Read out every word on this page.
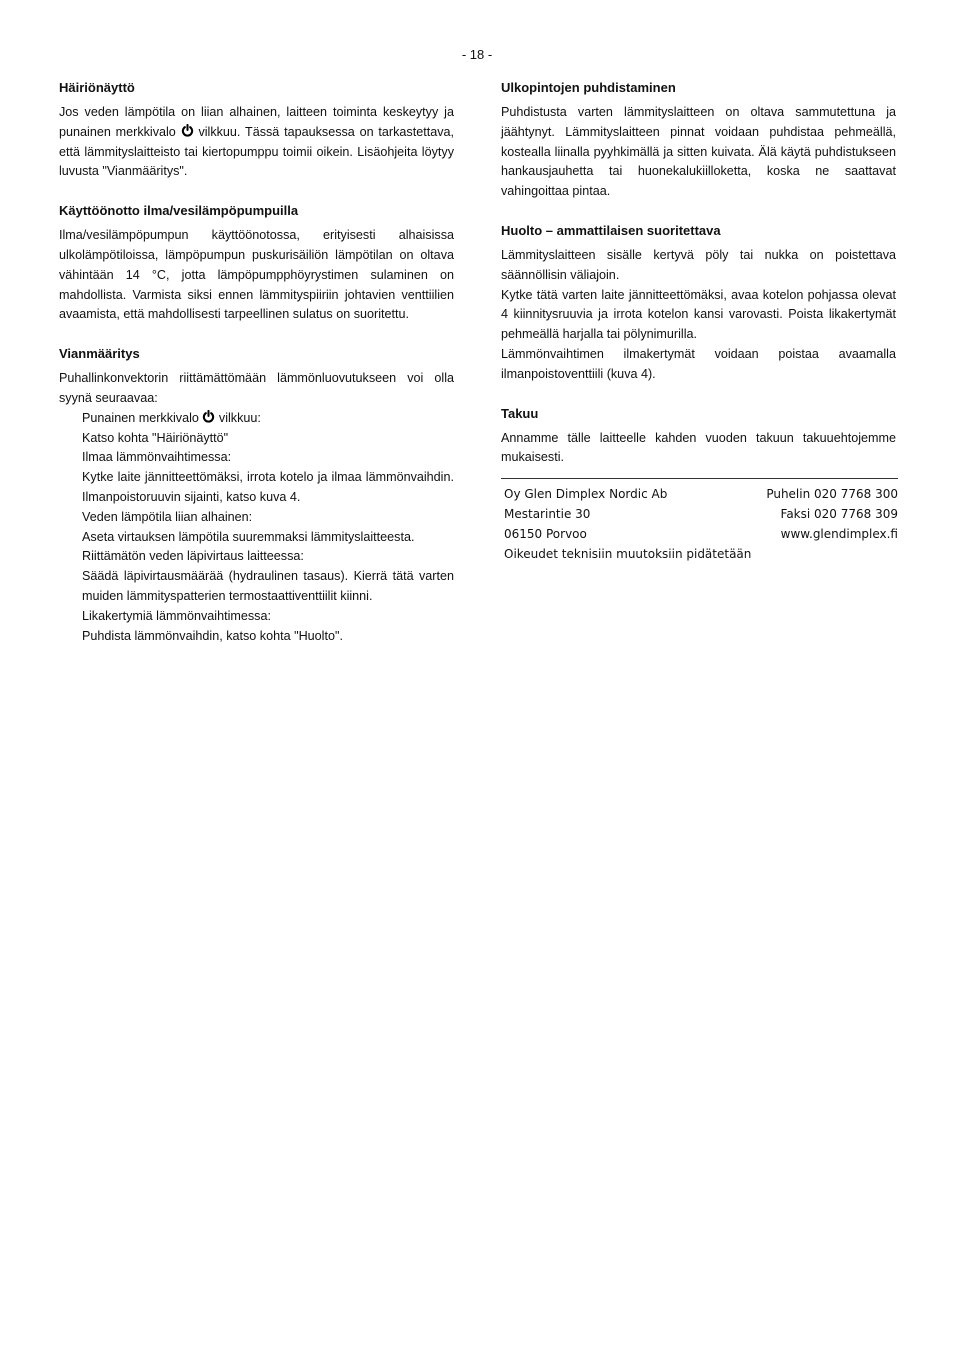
- 18 -
Häiriönäyttö

Jos veden lämpötila on liian alhainen, laitteen toiminta keskeytyy ja punainen merkkivalo vilkkuu. Tässä tapauksessa on tarkastettava, että lämmityslaitteisto tai kiertopumppu toimii oikein. Lisäohjeita löytyy luvusta "Vianmääritys".

Käyttöönotto ilma/vesilämpöpumpuilla

Ilma/vesilämpöpumpun käyttöönotossa, erityisesti alhaisissa ulkolämpötiloissa, lämpöpumpun puskurisäiliön lämpötilan on oltava vähintään 14 °C, jotta lämpöpumpphöyrystimen sulaminen on mahdollista. Varmista siksi ennen lämmityspiiriin johtavien venttiilien avaamista, että mahdollisesti tarpeellinen sulatus on suoritettu.

Vianmääritys

Puhallinkonvektorin riittämättömään lämmönluovutukseen voi olla syynä seuraavaa:

Punainen merkkivalo vilkkuu:

Katso kohta "Häiriönäyttö"

Ilmaa lämmönvaihtimessa:

Kytke laite jännitteettömäksi, irrota kotelo ja ilmaa lämmönvaihdin. Ilmanpoistoruuvin sijainti, katso kuva 4.

Veden lämpötila liian alhainen:

Aseta virtauksen lämpötila suuremmaksi lämmityslaitteesta.

Riittämätön veden läpivirtaus laitteessa:

Säädä läpivirtausmäärää (hydraulinen tasaus). Kierrä tätä varten muiden lämmityspatterien termostaattiventtiilit kiinni.

Likakertymiä lämmönvaihtimessa:

Puhdista lämmönvaihdin, katso kohta "Huolto".

Ulkopintojen puhdistaminen

Puhdistusta varten lämmityslaitteen on oltava sammutettuna ja jäähtynyt. Lämmityslaitteen pinnat voidaan puhdistaa pehmeällä, kostealla liinalla pyyhkimällä ja sitten kuivata. Älä käytä puhdistukseen hankausjauhetta tai huonekalukiilloketta, koska ne saattavat vahingoittaa pintaa.

Huolto – ammattilaisen suoritettava

Lämmityslaitteen sisälle kertyvä pöly tai nukka on poistettava säännöllisin väliajoin.

Kytke tätä varten laite jännitteettömäksi, avaa kotelon pohjassa olevat 4 kiinnitysruuvia ja irrota kotelon kansi varovasti. Poista likakertymät pehmeällä harjalla tai pölynimurilla.

Lämmönvaihtimen ilmakertymät voidaan poistaa avaamalla ilmanpoistoventtiili (kuva 4).

Takuu

Annamme tälle laitteelle kahden vuoden takuun takuuehtojemme mukaisesti.

Oy Glen Dimplex Nordic Ab	Puhelin 020 7768 300
Mestarintie 30	Faksi 020 7768 309
06150 Porvoo	www.glendimplex.fi
Oikeudet teknisiin muutoksiin pidätetään
